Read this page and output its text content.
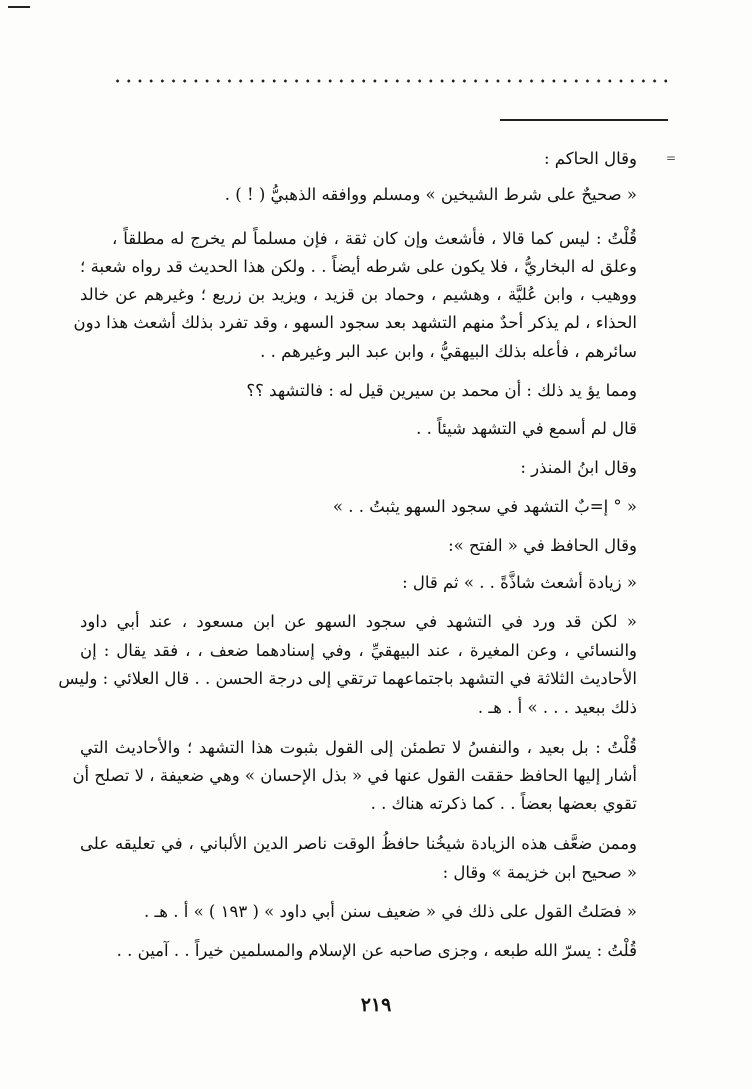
=
وقال الحاكم :
« صحيحٌ على شرط الشيخين » ومسلم ووافقه الذهبيُّ ( ! ) .
قُلْتُ : ليس كما قالا ، فأشعث وإن كان ثقة ، فإن مسلماً لم يخرج له مطلقاً ،
وعلق له البخاريُّ ، فلا يكون على شرطه أيضاً . . ولكن هذا الحديث قد رواه شعبة ؛
ووهيب ، وابن عُليَّة ، وهشيم ، وحماد بن قزيد ، ويزيد بن زريع ؛ وغيرهم عن خالد
الحذاء ، لم يذكر أحدٌ منهم التشهد بعد سجود السهو ، وقد تفرد بذلك أشعث هذا دون
سائرهم ، فأعله بذلك البيهقيُّ ، وابن عبد البر وغيرهم . .
ومما يؤ يد ذلك : أن محمد بن سيرين قيل له : فالتشهد ؟؟
قال لم أسمع في التشهد شيئاً . .
وقال ابنُ المنذر :
« ° إ=بٌ التشهد في سجود السهو يثبتُ . . »
وقال الحافظ في « الفتح »:
« زيادة أشعث شاذَّةً . . » ثم قال :
« لكن قد ورد في التشهد في سجود السهو عن ابن مسعود ، عند أبي داود
والنسائي ، وعن المغيرة ، عند البيهقيِّ ، وفي إسنادهما ضعف ، ، فقد يقال : إن
الأحاديث الثلاثة في التشهد باجتماعهما ترتقي إلى درجة الحسن . . قال العلائي : وليس
ذلك ببعيد . . . » أ . هـ .
قُلْتُ : بل بعيد ، والنفسُ لا تطمئن إلى القول بثبوت هذا التشهد ؛ والأحاديث التي
أشار إليها الحافظ حققت القول عنها في « بذل الإحسان » وهي ضعيفة ، لا تصلح أن
تقوي بعضها بعضاً . . كما ذكرته هناك . .
وممن ضعَّف هذه الزيادة شيخُنا حافظُ الوقت ناصر الدين الألباني ، في تعليقه على
« صحيح ابن خزيمة » وقال :
« فصَلتُ القول على ذلك في « ضعيف سنن أبي داود » ( ١٩٣ ) » أ . هـ .
قُلْتُ : يسرّ الله طبعه ، وجزى صاحبه عن الإسلام والمسلمين خيراً . . آمين . .
٢١٩
